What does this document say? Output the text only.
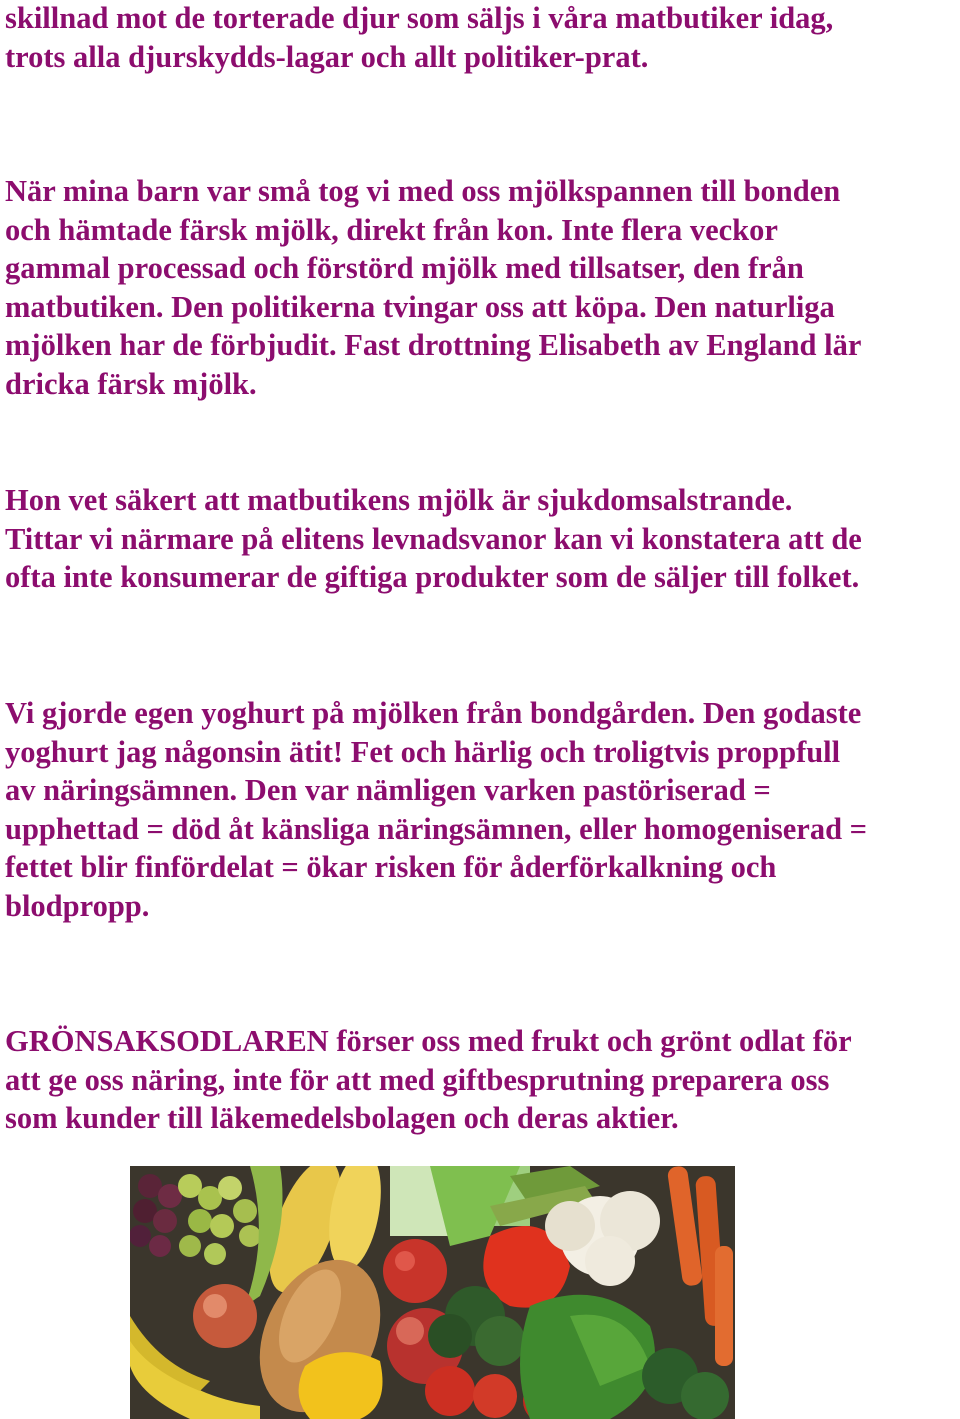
skillnad mot de torterade djur som säljs i våra matbutiker idag,
trots alla djurskydds-lagar och allt politiker-prat.

När mina barn var små tog vi med oss mjölkspannen till bonden
och hämtade färsk mjölk, direkt från kon. Inte flera veckor
gammal processad och förstörd mjölk med tillsatser, den från
matbutiken. Den politikerna tvingar oss att köpa. Den naturliga
mjölken har de förbjudit. Fast drottning Elisabeth av England lär
dricka färsk mjölk.

Hon vet säkert att matbutikens mjölk är sjukdomsalstrande.
Tittar vi närmare på elitens levnadsvanor kan vi konstatera att de
ofta inte konsumerar de giftiga produkter som de säljer till folket.

Vi gjorde egen yoghurt på mjölken från bondgården. Den godaste
yoghurt jag någonsin ätit! Fet och härlig och troligtvis proppfull
av näringsämnen. Den var nämligen varken pastöriserad =
upphettad = död åt känsliga näringsämnen, eller homogeniserad =
fettet blir finfördelat = ökar risken för åderförkalkning och
blodpropp.

GRÖNSAKSODLAREN förser oss med frukt och grönt odlat för
att ge oss näring, inte för att med giftbesprutning preparera oss
som kunder till läkemedelsbolagen och deras aktier.
